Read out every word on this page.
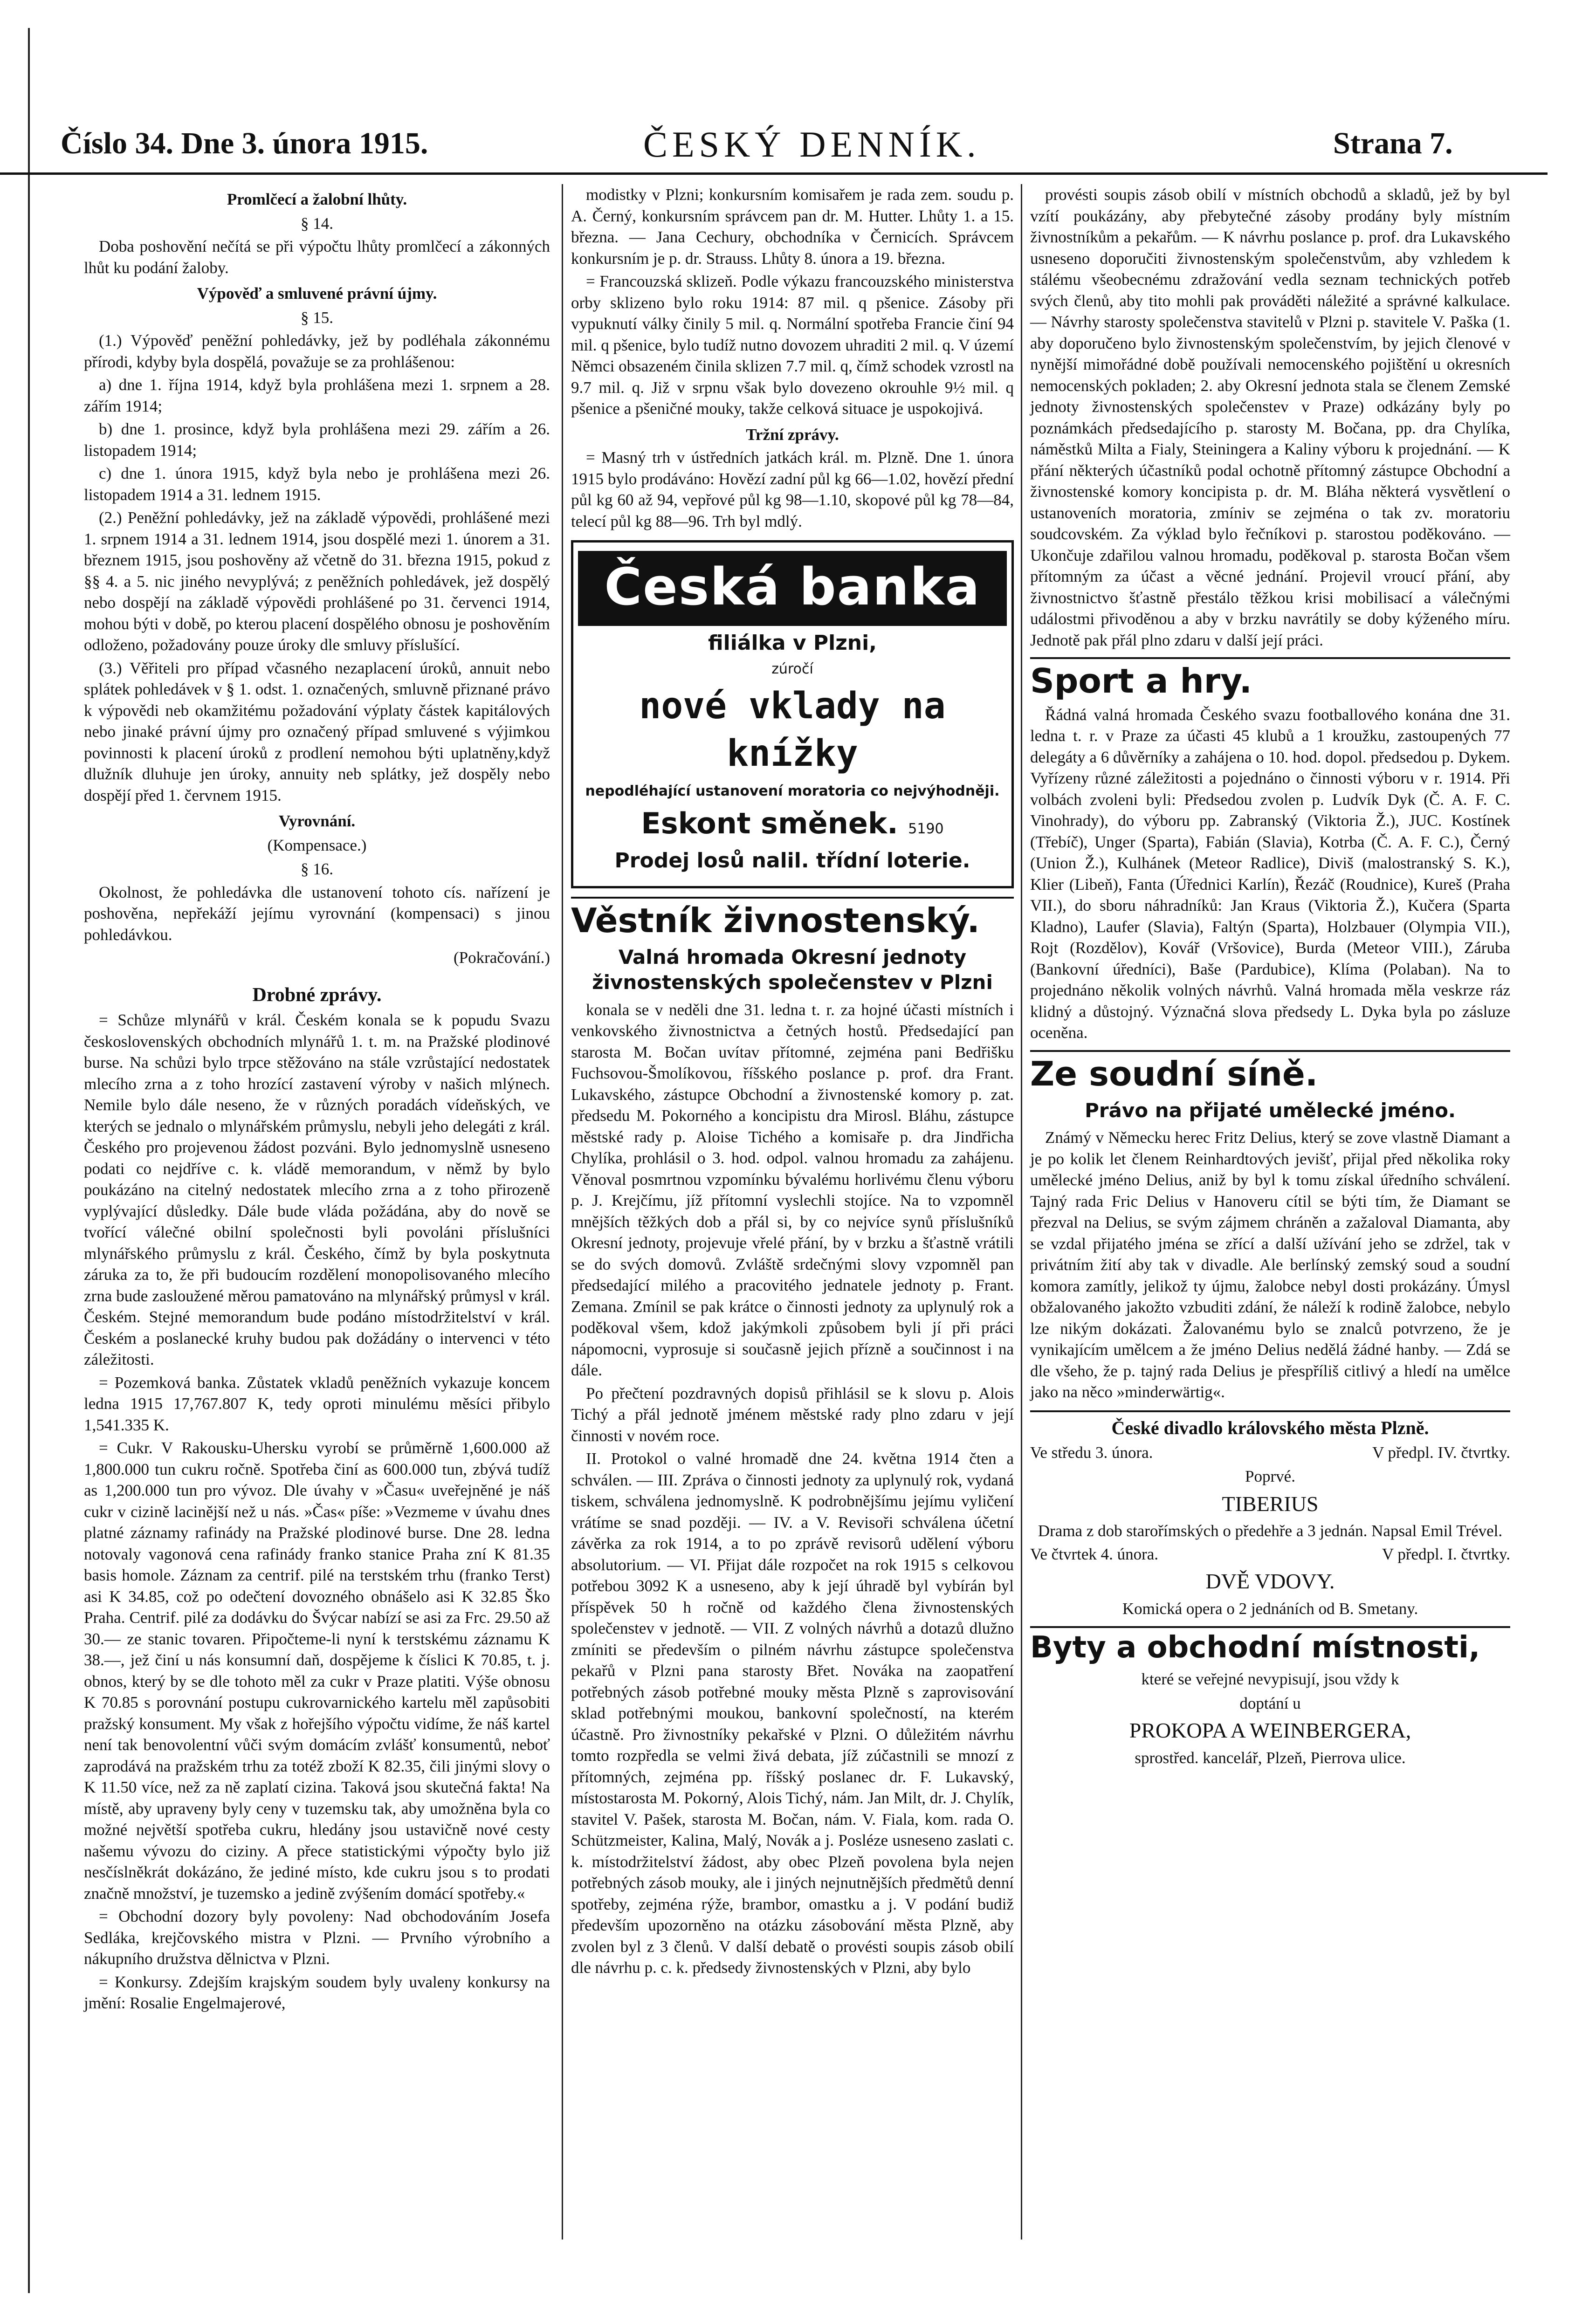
Číslo 34. Dne 3. února 1915.	ČESKÝ DENNÍK.	Strana 7.

Promlčecí a žalobní lhůty.

§ 14.

Doba poshovění nečítá se při výpočtu lhůty promlčecí a zákonných lhůt ku podání žaloby.

Výpověď a smluvené právní újmy.

§ 15.

(1.) Výpověď peněžní pohledávky, jež by podléhala zákonnému přírodi, kdyby byla dospělá, považuje se za prohlášenou:

a) dne 1. října 1914, když byla prohlášena mezi 1. srpnem a 28. zářím 1914;

b) dne 1. prosince, když byla prohlášena mezi 29. zářím a 26. listopadem 1914;

c) dne 1. února 1915, když byla nebo je prohlášena mezi 26. listopadem 1914 a 31. lednem 1915.

(2.) Peněžní pohledávky, jež na základě výpovědi, prohlášené mezi 1. srpnem 1914 a 31. lednem 1914, jsou dospělé mezi 1. únorem a 31. březnem 1915, jsou poshověny až včetně do 31. března 1915, pokud z §§ 4. a 5. nic jiného nevyplývá; z peněžních pohledávek, jež dospělý nebo dospějí na základě výpovědi prohlášené po 31. červenci 1914, mohou býti v době, po kterou placení dospělého obnosu je poshověním odloženo, požadovány pouze úroky dle smluvy příslušící.

(3.) Věřiteli pro případ včasného nezaplacení úroků, annuit nebo splátek pohledávek v § 1. odst. 1. označených, smluvně přiznané právo k výpovědi neb okamžitému požadování výplaty částek kapitálových nebo jinaké právní újmy pro označený případ smluvené s výjimkou povinnosti k placení úroků z prodlení nemohou býti uplatněny,když dlužník dluhuje jen úroky, annuity neb splátky, jež dospěly nebo dospějí před 1. červnem 1915.

Vyrovnání.

(Kompensace.)

§ 16.

Okolnost, že pohledávka dle ustanovení tohoto cís. nařízení je poshověna, nepřekáží jejímu vyrovnání (kompensaci) s jinou pohledávkou.

(Pokračování.)

Drobné zprávy.

= Schůze mlynářů v král. Českém konala se k popudu Svazu československých obchodních mlynářů 1. t. m. na Pražské plodinové burse. Na schůzi bylo trpce stěžováno na stále vzrůstající nedostatek mlecího zrna a z toho hrozící zastavení výroby v našich mlýnech. Nemile bylo dále neseno, že v různých poradách vídeňských, ve kterých se jednalo o mlynářském průmyslu, nebyli jeho delegáti z král. Českého pro projevenou žádost pozváni. Bylo jednomyslně usneseno podati co nejdříve c. k. vládě memorandum, v němž by bylo poukázáno na citelný nedostatek mlecího zrna a z toho přirozeně vyplývající důsledky. Dále bude vláda požádána, aby do nově se tvořící válečné obilní společnosti byli povoláni příslušníci mlynářského průmyslu z král. Českého, čímž by byla poskytnuta záruka za to, že při budoucím rozdělení monopolisovaného mlecího zrna bude zasloužené měrou pamatováno na mlynářský průmysl v král. Českém. Stejné memorandum bude podáno místodržitelství v král. Českém a poslanecké kruhy budou pak dožádány o intervenci v této záležitosti.

= Pozemková banka. Zůstatek vkladů peněžních vykazuje koncem ledna 1915 17,767.807 K, tedy oproti minulému měsíci přibylo 1,541.335 K.

= Cukr. V Rakousku-Uhersku vyrobí se průměrně 1,600.000 až 1,800.000 tun cukru ročně. Spotřeba činí as 600.000 tun, zbývá tudíž as 1,200.000 tun pro vývoz. Dle úvahy v »Času« uveřejněné je náš cukr v cizině lacinější než u nás. »Čas« píše: »Vezmeme v úvahu dnes platné záznamy rafinády na Pražské plodinové burse. Dne 28. ledna notovaly vagonová cena rafinády franko stanice Praha zní K 81.35 basis homole. Záznam za centrif. pilé na terstském trhu (franko Terst) asi K 34.85, což po odečtení dovozného obnášelo asi K 32.85 Ško Praha. Centrif. pilé za dodávku do Švýcar nabízí se asi za Frc. 29.50 až 30.— ze stanic tovaren. Připočteme-li nyní k terstskému záznamu K 38.—, jež činí u nás konsumní daň, dospějeme k číslici K 70.85, t. j. obnos, který by se dle tohoto měl za cukr v Praze platiti. Výše obnosu K 70.85 s porovnání postupu cukrovarnického kartelu měl zapůsobiti pražský konsument. My však z hořejšího výpočtu vidíme, že náš kartel není tak benovolentní vůči svým domácím zvlášť konsumentů, neboť zaprodává na pražském trhu za totéž zboží K 82.35, čili jinými slovy o K 11.50 více, než za ně zaplatí cizina. Taková jsou skutečná fakta! Na místě, aby upraveny byly ceny v tuzemsku tak, aby umožněna byla co možné největší spotřeba cukru, hledány jsou ustavičně nové cesty našemu vývozu do ciziny. A přece statistickými výpočty bylo již nesčíslněkrát dokázáno, že jediné místo, kde cukru jsou s to prodati značně množství, je tuzemsko a jedině zvýšením domácí spotřeby.«

= Obchodní dozory byly povoleny: Nad obchodováním Josefa Sedláka, krejčovského mistra v Plzni. — Prvního výrobního a nákupního družstva dělnictva v Plzni.

= Konkursy. Zdejším krajským soudem byly uvaleny konkursy na jmění: Rosalie Engelmajerové,

modistky v Plzni; konkursním komisařem je rada zem. soudu p. A. Černý, konkursním správcem pan dr. M. Hutter. Lhůty 1. a 15. března. — Jana Cechury, obchodníka v Černicích. Správcem konkursním je p. dr. Strauss. Lhůty 8. února a 19. března.

= Francouzská sklizeň. Podle výkazu francouzského ministerstva orby sklizeno bylo roku 1914: 87 mil. q pšenice. Zásoby při vypuknutí války činily 5 mil. q. Normální spotřeba Francie činí 94 mil. q pšenice, bylo tudíž nutno dovozem uhraditi 2 mil. q. V území Němci obsazeném činila sklizen 7.7 mil. q, čímž schodek vzrostl na 9.7 mil. q. Již v srpnu však bylo dovezeno okrouhle 9½ mil. q pšenice a pšeničné mouky, takže celková situace je uspokojivá.

Tržní zprávy.

= Masný trh v ústředních jatkách král. m. Plzně. Dne 1. února 1915 bylo prodáváno: Hovězí zadní půl kg 66—1.02, hovězí přední půl kg 60 až 94, vepřové půl kg 98—1.10, skopové půl kg 78—84, telecí půl kg 88—96. Trh byl mdlý.

Česká banka
filiálka v Plzni,
zúročí
nové vklady na knížky
nepodléhající ustanovení moratoria co nejvýhodněji.
Eskont směnek. 5190
Prodej losů nalil. třídní loterie.

Věstník živnostenský.

Valná hromada Okresní jednoty živnostenských společenstev v Plzni

konala se v neděli dne 31. ledna t. r. za hojné účasti místních i venkovského živnostnictva a četných hostů. Předsedající pan starosta M. Bočan uvítav přítomné, zejména pani Bedřišku Fuchsovou-Šmolíkovou, říšského poslance p. prof. dra Frant. Lukavského, zástupce Obchodní a živnostenské komory p. zat. předsedu M. Pokorného a koncipistu dra Mirosl. Bláhu, zástupce městské rady p. Aloise Tichého a komisaře p. dra Jindřicha Chylíka, prohlásil o 3. hod. odpol. valnou hromadu za zahájenu. Věnoval posmrtnou vzpomínku bývalému horlivému členu výboru p. J. Krejčímu, jíž přítomní vyslechli stojíce. Na to vzpomněl mnějších těžkých dob a přál si, by co nejvíce synů příslušníků Okresní jednoty, projevuje vřelé přání, by v brzku a šťastně vrátili se do svých domovů. Zvláště srdečnými slovy vzpomněl pan předsedající milého a pracovitého jednatele jednoty p. Frant. Zemana. Zmínil se pak krátce o činnosti jednoty za uplynulý rok a poděkoval všem, kdož jakýmkoli způsobem byli jí při práci nápomocni, vyprosuje si současně jejich přízně a součinnost i na dále.

Po přečtení pozdravných dopisů přihlásil se k slovu p. Alois Tichý a přál jednotě jménem městské rady plno zdaru v její činnosti v novém roce.

II. Protokol o valné hromadě dne 24. května 1914 čten a schválen. — III. Zpráva o činnosti jednoty za uplynulý rok, vydaná tiskem, schválena jednomyslně. K podrobnějšímu jejímu vyličení vrátíme se snad později. — IV. a V. Revisoři schválena účetní závěrka za rok 1914, a to po zprávě revisorů udělení výboru absolutorium. — VI. Přijat dále rozpočet na rok 1915 s celkovou potřebou 3092 K a usneseno, aby k její úhradě byl vybírán byl příspěvek 50 h ročně od každého člena živnostenských společenstev v jednotě. — VII. Z volných návrhů a dotazů dlužno zmíniti se především o pilném návrhu zástupce společenstva pekařů v Plzni pana starosty Břet. Nováka na zaopatření potřebných zásob potřebné mouky města Plzně s zaprovisování sklad potřebnými moukou, bankovní společností, na kterém účastně. Pro živnostníky pekařské v Plzni. O důležitém návrhu tomto rozpředla se velmi živá debata, jíž zúčastnili se mnozí z přítomných, zejména pp. říšský poslanec dr. F. Lukavský, místostarosta M. Pokorný, Alois Tichý, nám. Jan Milt, dr. J. Chylík, stavitel V. Pašek, starosta M. Bočan, nám. V. Fiala, kom. rada O. Schützmeister, Kalina, Malý, Novák a j. Posléze usneseno zaslati c. k. místodržitelství žádost, aby obec Plzeň povolena byla nejen potřebných zásob mouky, ale i jiných nejnutnějších předmětů denní spotřeby, zejména rýže, brambor, omastku a j. V podání budiž především upozorněno na otázku zásobování města Plzně, aby zvolen byl z 3 členů. V další debatě o provésti soupis zásob obilí dle návrhu p. c. k. předsedy živnostenských v Plzni, aby bylo

provésti soupis zásob obilí v místních obchodů a skladů, jež by byl vzítí poukázány, aby přebytečné zásoby prodány byly místním živnostníkům a pekařům. — K návrhu poslance p. prof. dra Lukavského usneseno doporučiti živnostenským společenstvům, aby vzhledem k stálému všeobecnému zdražování vedla seznam technických potřeb svých členů, aby tito mohli pak prováděti náležité a správné kalkulace. — Návrhy starosty společenstva stavitelů v Plzni p. stavitele V. Paška (1. aby doporučeno bylo živnostenským společenstvím, by jejich členové v nynější mimořádné době používali nemocenského pojištění u okresních nemocenských pokladen; 2. aby Okresní jednota stala se členem Zemské jednoty živnostenských společenstev v Praze) odkázány byly po poznámkách předsedajícího p. starosty M. Bočana, pp. dra Chylíka, náměstků Milta a Fialy, Steiningera a Kaliny výboru k projednání. — K přání některých účastníků podal ochotně přítomný zástupce Obchodní a živnostenské komory koncipista p. dr. M. Bláha některá vysvětlení o ustanoveních moratoria, zmíniv se zejména o tak zv. moratoriu soudcovském. Za výklad bylo řečníkovi p. starostou poděkováno. — Ukončuje zdařilou valnou hromadu, poděkoval p. starosta Bočan všem přítomným za účast a věcné jednání. Projevil vroucí přání, aby živnostnictvo šťastně přestálo těžkou krisi mobilisací a válečnými událostmi přivoděnou a aby v brzku navrátily se doby kýženého míru. Jednotě pak přál plno zdaru v další její práci.

Sport a hry.

Řádná valná hromada Českého svazu footballového konána dne 31. ledna t. r. v Praze za účasti 45 klubů a 1 kroužku, zastoupených 77 delegáty a 6 důvěrníky a zahájena o 10. hod. dopol. předsedou p. Dykem. Vyřízeny různé záležitosti a pojednáno o činnosti výboru v r. 1914. Při volbách zvoleni byli: Předsedou zvolen p. Ludvík Dyk (Č. A. F. C. Vinohrady), do výboru pp. Zabranský (Viktoria Ž.), JUC. Kostínek (Třebíč), Unger (Sparta), Fabián (Slavia), Kotrba (Č. A. F. C.), Černý (Union Ž.), Kulhánek (Meteor Radlice), Diviš (malostranský S. K.), Klier (Libeň), Fanta (Úřednici Karlín), Řezáč (Roudnice), Kureš (Praha VII.), do sboru náhradníků: Jan Kraus (Viktoria Ž.), Kučera (Sparta Kladno), Laufer (Slavia), Faltýn (Sparta), Holzbauer (Olympia VII.), Rojt (Rozdělov), Kovář (Vršovice), Burda (Meteor VIII.), Záruba (Bankovní úředníci), Baše (Pardubice), Klíma (Polaban). Na to projednáno několik volných návrhů. Valná hromada měla veskrze ráz klidný a důstojný. Význačná slova předsedy L. Dyka byla po zásluze oceněna.

Ze soudní síně.

Právo na přijaté umělecké jméno.

Známý v Německu herec Fritz Delius, který se zove vlastně Diamant a je po kolik let členem Reinhardtových jevišť, přijal před několika roky umělecké jméno Delius, aniž by byl k tomu získal úředního schválení. Tajný rada Fric Delius v Hanoveru cítil se býti tím, že Diamant se přezval na Delius, se svým zájmem chráněn a zažaloval Diamanta, aby se vzdal přijatého jména se zřící a další užívání jeho se zdržel, tak v privátním žití aby tak v divadle. Ale berlínský zemský soud a soudní komora zamítly, jelikož ty újmu, žalobce nebyl dosti prokázány. Úmysl obžalovaného jakožto vzbuditi zdání, že náleží k rodině žalobce, nebylo lze nikým dokázati. Žalovanému bylo se znalců potvrzeno, že je vynikajícím umělcem a že jméno Delius nedělá žádné hanby. — Zdá se dle všeho, že p. tajný rada Delius je přespříliš citlivý a hledí na umělce jako na něco »minderwärtig«.

České divadlo královského města Plzně.

Ve středu 3. února.	V předpl. IV. čtvrtky.

Poprvé.

TIBERIUS

Drama z dob starořímských o předehře a 3 jednán. Napsal Emil Trével.

Ve čtvrtek 4. února.	V předpl. I. čtvrtky.

DVĚ VDOVY.

Komická opera o 2 jednáních od B. Smetany.

Byty a obchodní místnosti,

které se veřejné nevypisují, jsou vždy k

doptání u

PROKOPA A WEINBERGERA,

sprostřed. kancelář, Plzeň, Pierrova ulice.
